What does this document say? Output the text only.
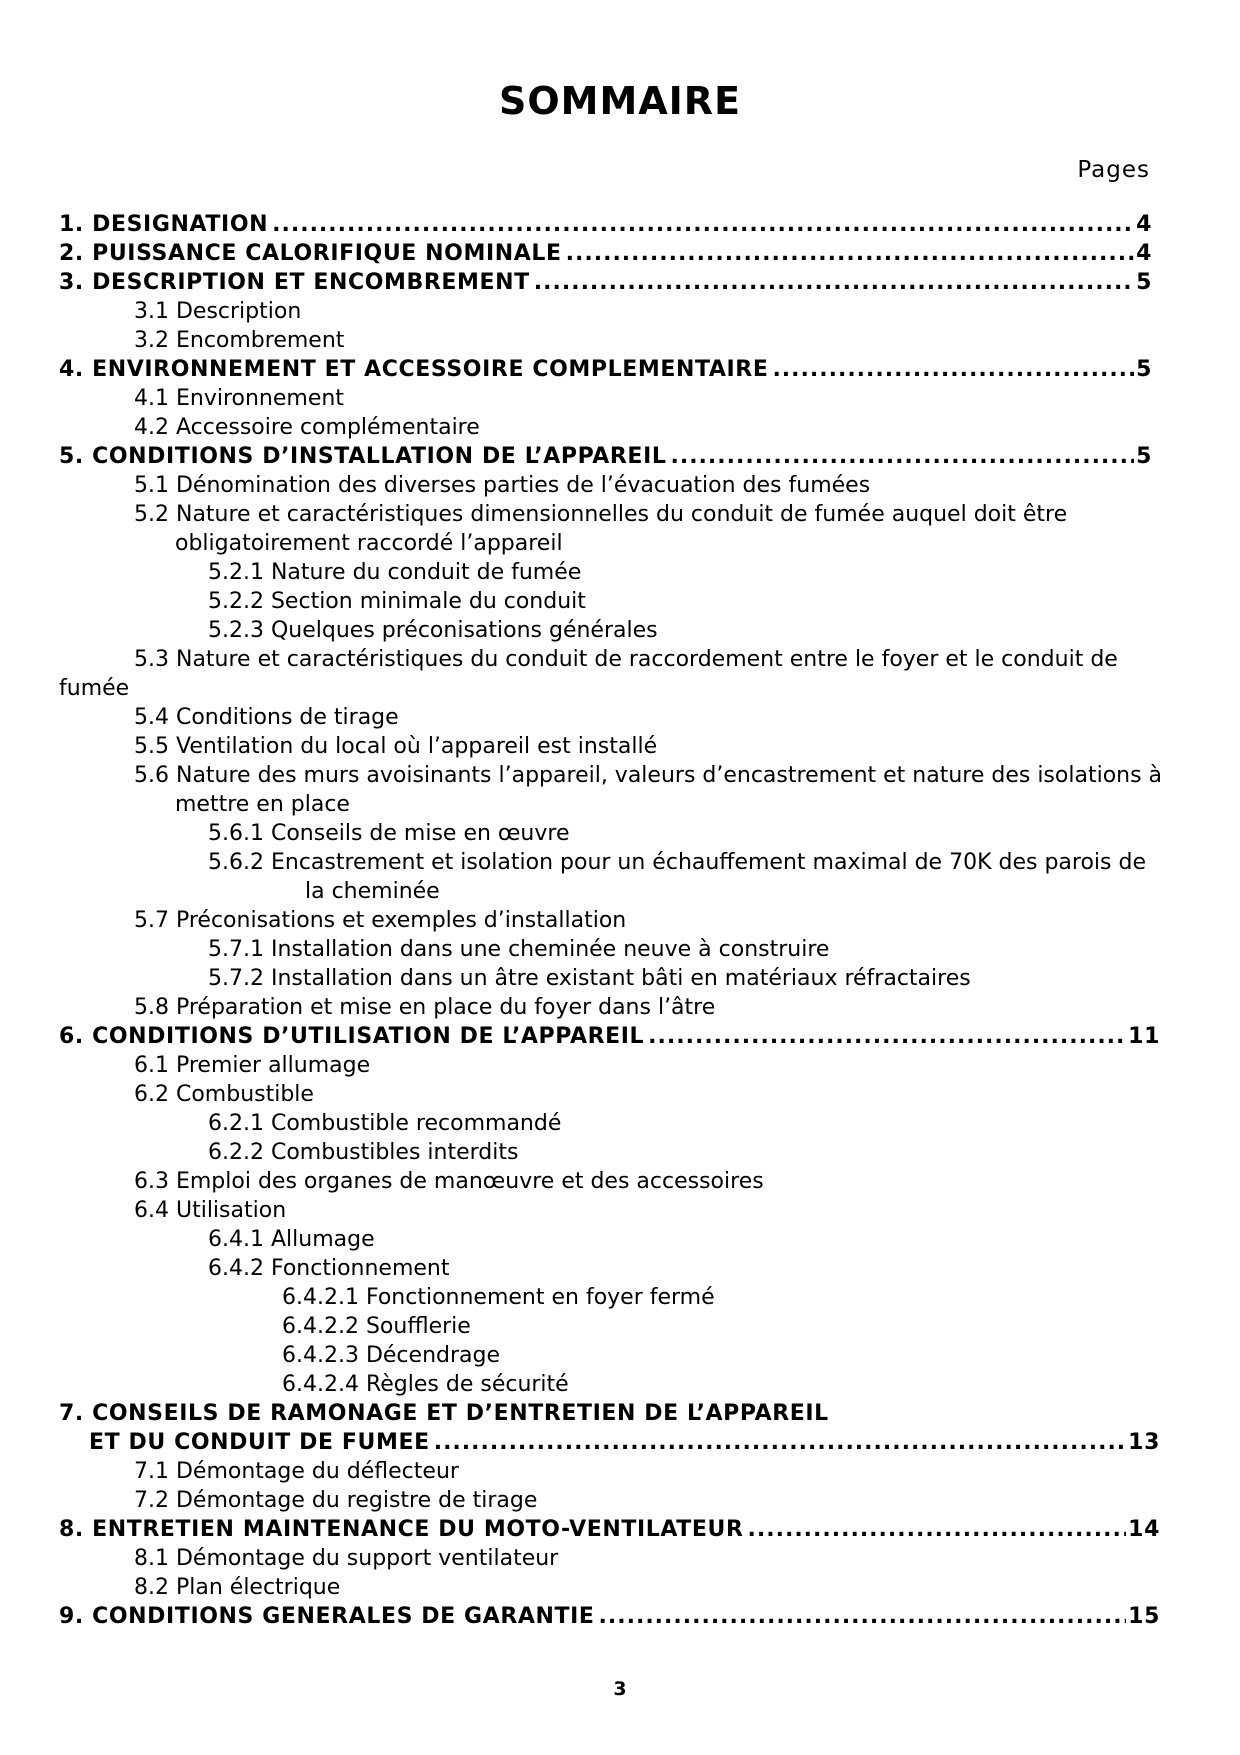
SOMMAIRE
Pages
1. DESIGNATION .....	4
2. PUISSANCE CALORIFIQUE NOMINALE .....	4
3. DESCRIPTION ET ENCOMBREMENT .....	5
3.1 Description
3.2 Encombrement
4. ENVIRONNEMENT ET ACCESSOIRE COMPLEMENTAIRE .....	5
4.1 Environnement
4.2 Accessoire complémentaire
5. CONDITIONS D’INSTALLATION DE L’APPAREIL .....	5
5.1 Dénomination des diverses parties de l’évacuation des fumées
5.2 Nature et caractéristiques dimensionnelles du conduit de fumée auquel doit être
obligatoirement raccordé l’appareil
5.2.1 Nature du conduit de fumée
5.2.2 Section minimale du conduit
5.2.3 Quelques préconisations générales
5.3 Nature et caractéristiques du conduit de raccordement entre le foyer et le conduit de
fumée
5.4 Conditions de tirage
5.5 Ventilation du local où l’appareil est installé
5.6 Nature des murs avoisinants l’appareil, valeurs d’encastrement et nature des isolations à
mettre en place
5.6.1 Conseils de mise en œuvre
5.6.2 Encastrement et isolation pour un échauffement maximal de 70K des parois de
la cheminée
5.7 Préconisations et exemples d’installation
5.7.1 Installation dans une cheminée neuve à construire
5.7.2 Installation dans un âtre existant bâti en matériaux réfractaires
5.8 Préparation et mise en place du foyer dans l’âtre
6. CONDITIONS D’UTILISATION DE L’APPAREIL .....	11
6.1 Premier allumage
6.2 Combustible
6.2.1 Combustible recommandé
6.2.2 Combustibles interdits
6.3 Emploi des organes de manœuvre et des accessoires
6.4 Utilisation
6.4.1 Allumage
6.4.2 Fonctionnement
6.4.2.1 Fonctionnement en foyer fermé
6.4.2.2 Soufflerie
6.4.2.3 Décendrage
6.4.2.4 Règles de sécurité
7. CONSEILS DE RAMONAGE ET D’ENTRETIEN DE L’APPAREIL
ET DU CONDUIT DE FUMEE .....	13
7.1 Démontage du déflecteur
7.2 Démontage du registre de tirage
8. ENTRETIEN MAINTENANCE DU MOTO-VENTILATEUR .....	14
8.1 Démontage du support ventilateur
8.2 Plan électrique
9. CONDITIONS GENERALES DE GARANTIE .....	15
3
